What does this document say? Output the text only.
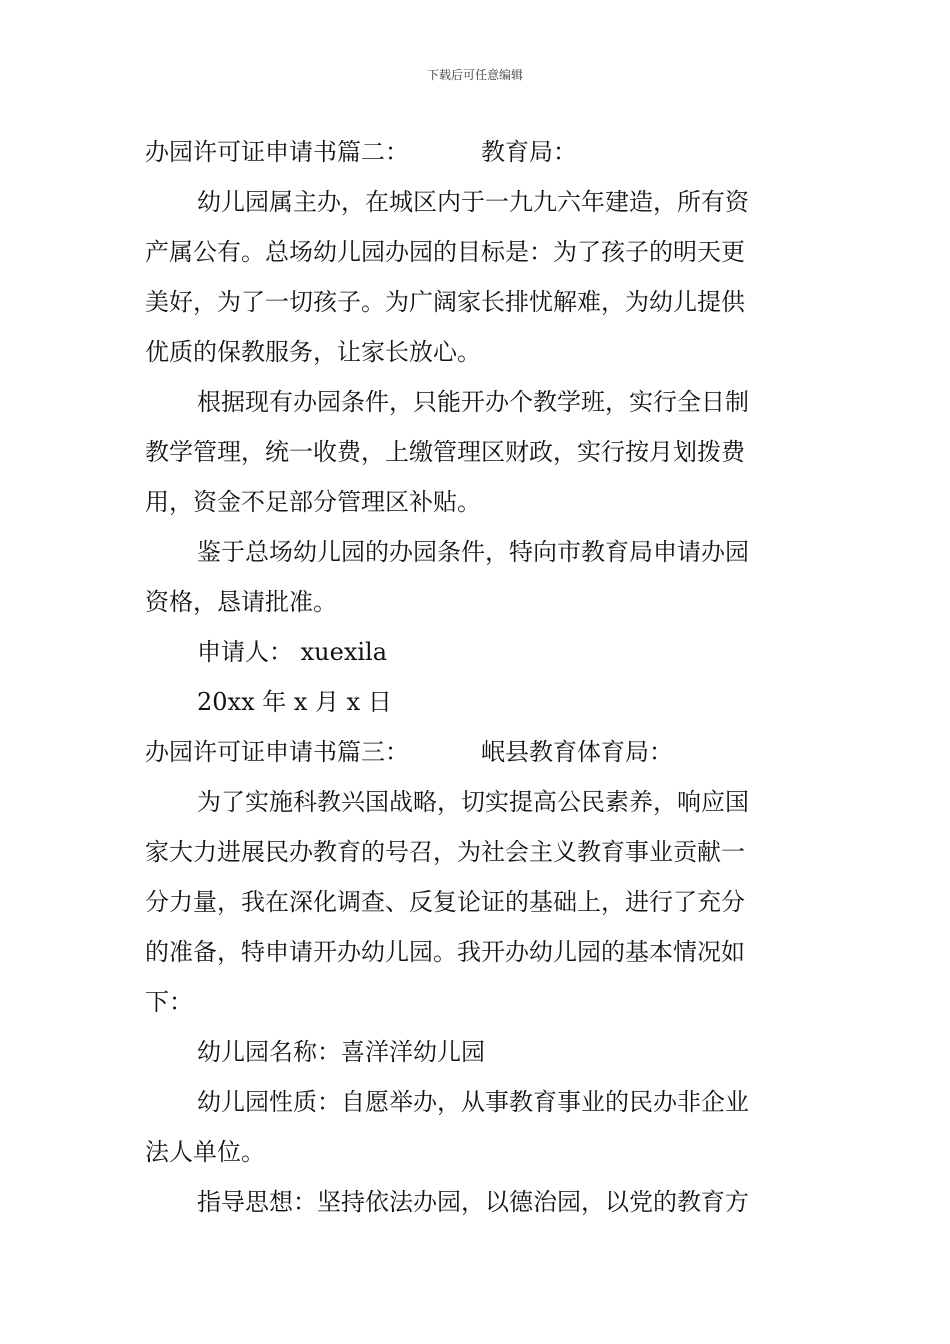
下载后可任意编辑
办园许可证申请书篇二：	教育局：
幼儿园属主办，在城区内于一九九六年建造，所有资
产属公有。总场幼儿园办园的目标是：为了孩子的明天更
美好，为了一切孩子。为广阔家长排忧解难，为幼儿提供
优质的保教服务，让家长放心。
根据现有办园条件，只能开办个教学班，实行全日制
教学管理，统一收费，上缴管理区财政，实行按月划拨费
用，资金不足部分管理区补贴。
鉴于总场幼儿园的办园条件，特向市教育局申请办园
资格，恳请批准。
申请人： xuexila
20xx 年 x 月 x 日
办园许可证申请书篇三：	岷县教育体育局：
为了实施科教兴国战略，切实提高公民素养，响应国
家大力进展民办教育的号召，为社会主义教育事业贡献一
分力量，我在深化调查、反复论证的基础上，进行了充分
的准备，特申请开办幼儿园。我开办幼儿园的基本情况如
下：
幼儿园名称：喜洋洋幼儿园
幼儿园性质：自愿举办，从事教育事业的民办非企业
法人单位。
指导思想：坚持依法办园，以德治园，以党的教育方
